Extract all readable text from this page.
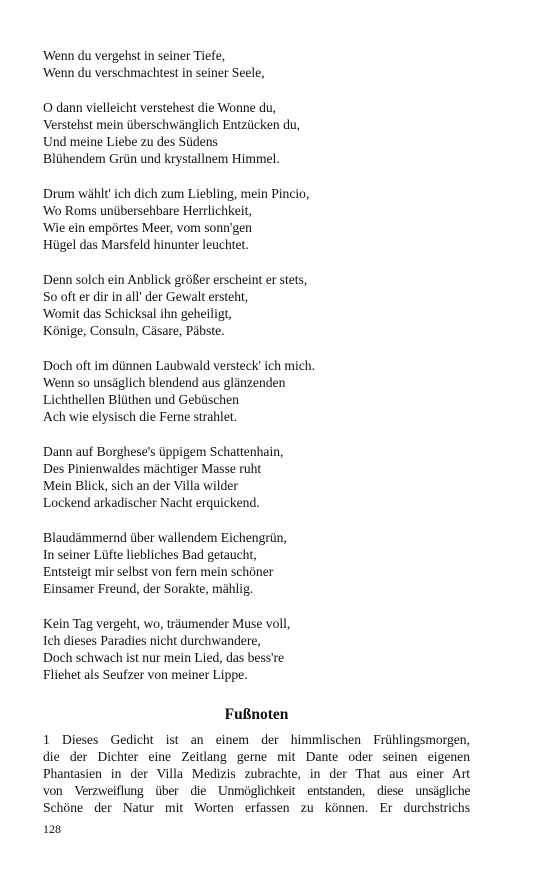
Wenn du vergehst in seiner Tiefe,
Wenn du verschmachtest in seiner Seele,
O dann vielleicht verstehest die Wonne du,
Verstehst mein überschwänglich Entzücken du,
Und meine Liebe zu des Südens
Blühendem Grün und krystallnem Himmel.
Drum wählt' ich dich zum Liebling, mein Pincio,
Wo Roms unübersehbare Herrlichkeit,
Wie ein empörtes Meer, vom sonn'gen
Hügel das Marsfeld hinunter leuchtet.
Denn solch ein Anblick größer erscheint er stets,
So oft er dir in all' der Gewalt ersteht,
Womit das Schicksal ihn geheiligt,
Könige, Consuln, Cäsare, Päbste.
Doch oft im dünnen Laubwald versteck' ich mich.
Wenn so unsäglich blendend aus glänzenden
Lichthellen Blüthen und Gebüschen
Ach wie elysisch die Ferne strahlet.
Dann auf Borghese's üppigem Schattenhain,
Des Pinienwaldes mächtiger Masse ruht
Mein Blick, sich an der Villa wilder
Lockend arkadischer Nacht erquickend.
Blaudämmernd über wallendem Eichengrün,
In seiner Lüfte liebliches Bad getaucht,
Entsteigt mir selbst von fern mein schöner
Einsamer Freund, der Sorakte, mählig.
Kein Tag vergeht, wo, träumender Muse voll,
Ich dieses Paradies nicht durchwandere,
Doch schwach ist nur mein Lied, das bess're
Fliehet als Seufzer von meiner Lippe.
Fußnoten
1 Dieses Gedicht ist an einem der himmlischen Frühlingsmorgen,
die der Dichter eine Zeitlang gerne mit Dante oder seinen eigenen
Phantasien in der Villa Medizis zubrachte, in der That aus einer Art
von Verzweiflung über die Unmöglichkeit entstanden, diese unsägliche
Schöne der Natur mit Worten erfassen zu können. Er durchstrichs
128
